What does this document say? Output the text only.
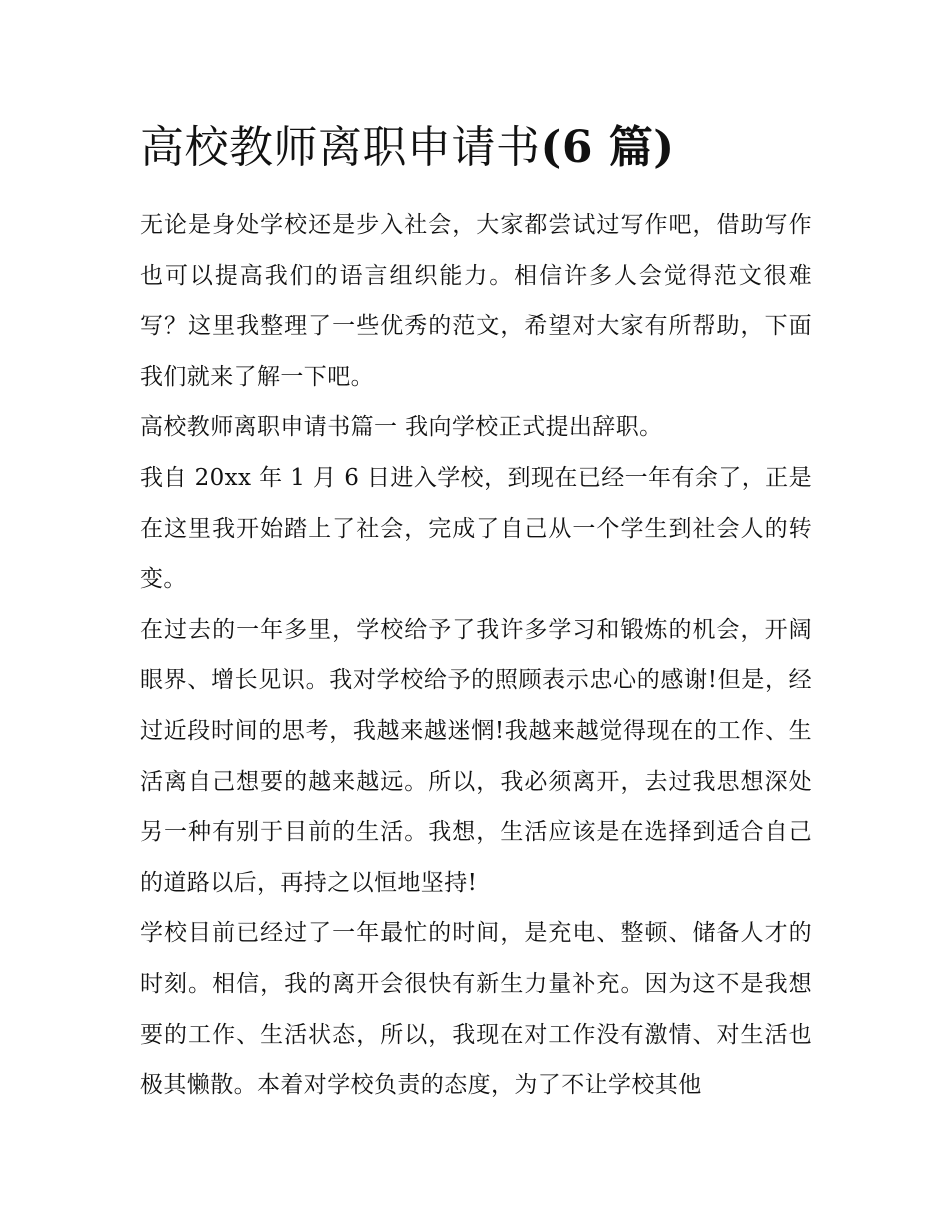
高校教师离职申请书(6 篇)

无论是身处学校还是步入社会，大家都尝试过写作吧，借助写作也可以提高我们的语言组织能力。相信许多人会觉得范文很难写？这里我整理了一些优秀的范文，希望对大家有所帮助，下面我们就来了解一下吧。

高校教师离职申请书篇一 我向学校正式提出辞职。

我自 20xx 年 1 月 6 日进入学校，到现在已经一年有余了，正是在这里我开始踏上了社会，完成了自己从一个学生到社会人的转变。

在过去的一年多里，学校给予了我许多学习和锻炼的机会，开阔眼界、增长见识。我对学校给予的照顾表示忠心的感谢!但是，经过近段时间的思考，我越来越迷惘!我越来越觉得现在的工作、生活离自己想要的越来越远。所以，我必须离开，去过我思想深处另一种有别于目前的生活。我想，生活应该是在选择到适合自己的道路以后，再持之以恒地坚持!

学校目前已经过了一年最忙的时间，是充电、整顿、储备人才的时刻。相信，我的离开会很快有新生力量补充。因为这不是我想要的工作、生活状态，所以，我现在对工作没有激情、对生活也极其懒散。本着对学校负责的态度，为了不让学校其他
